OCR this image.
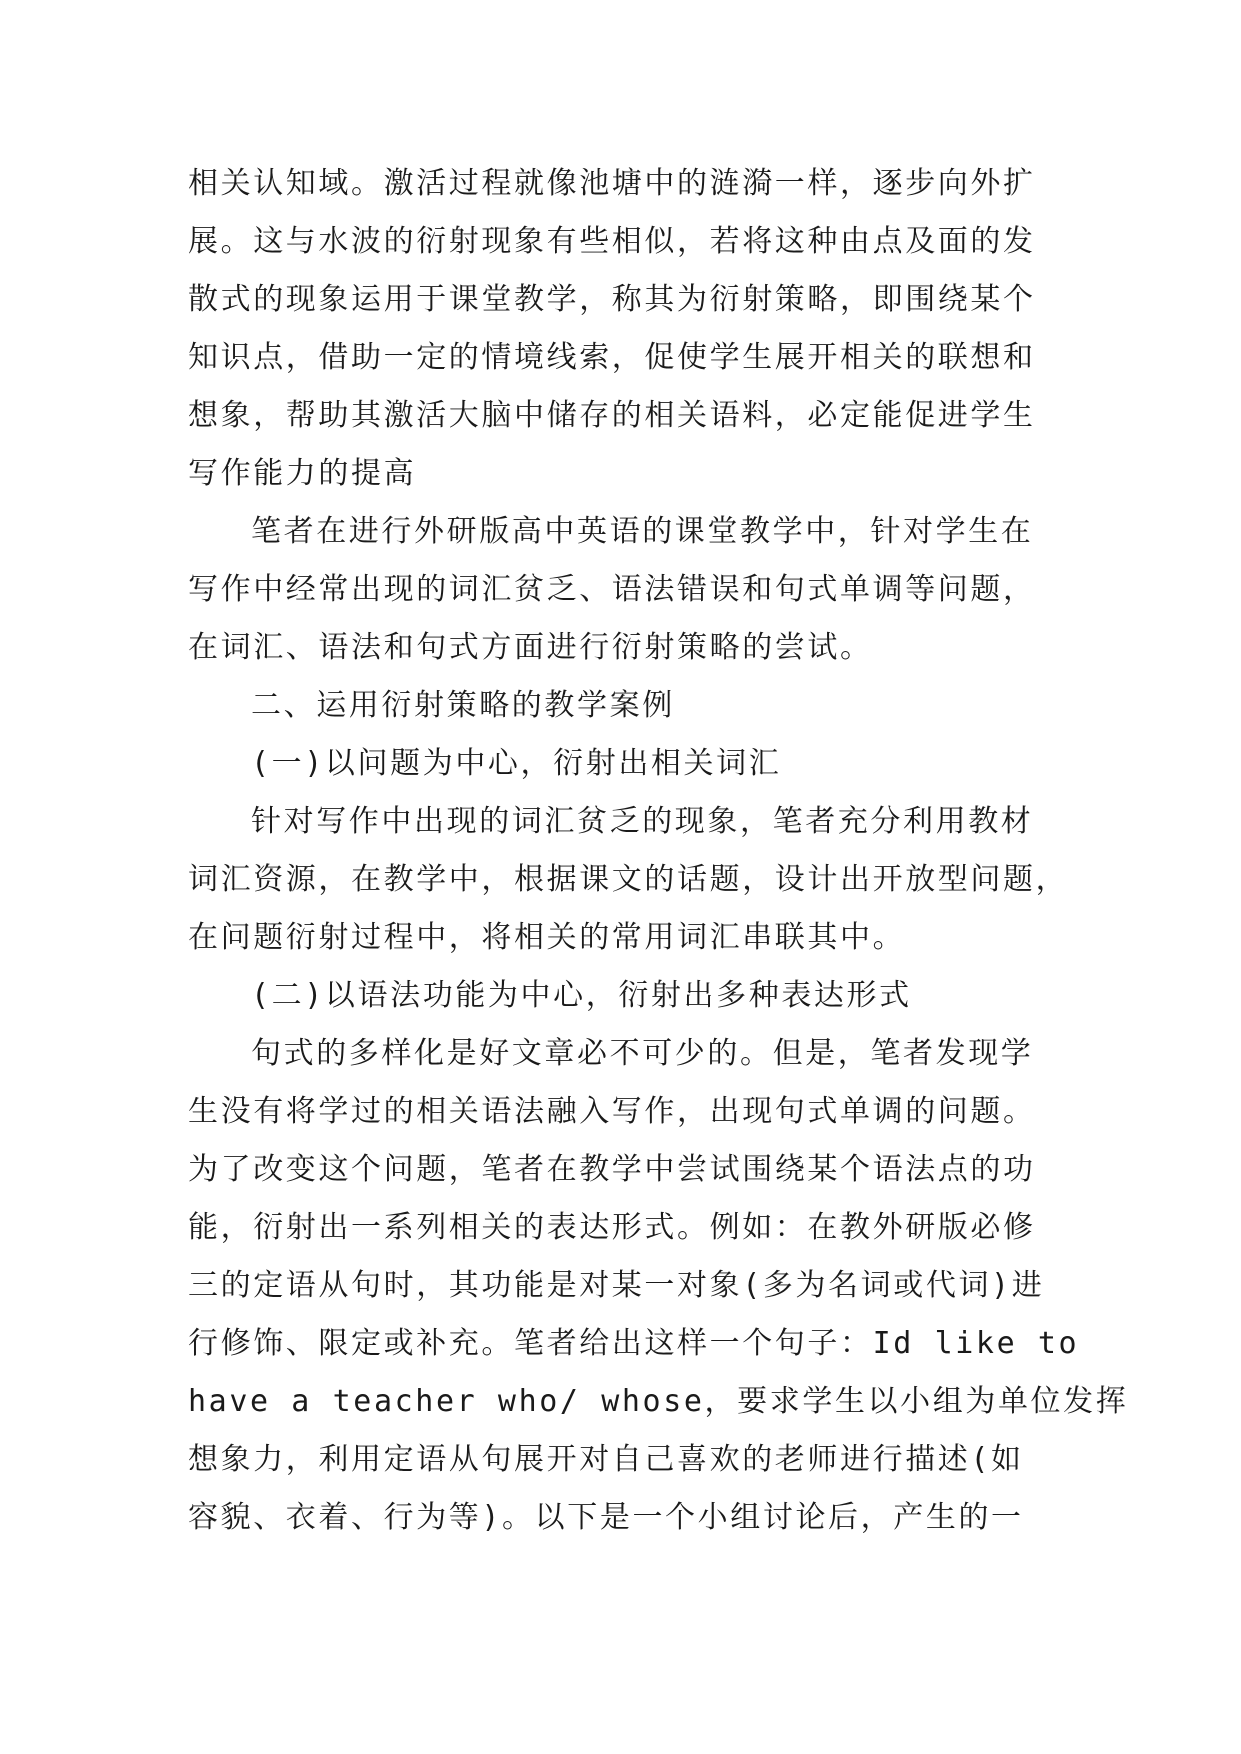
相关认知域。激活过程就像池塘中的涟漪一样，逐步向外扩
展。这与水波的衍射现象有些相似，若将这种由点及面的发
散式的现象运用于课堂教学，称其为衍射策略，即围绕某个
知识点，借助一定的情境线索，促使学生展开相关的联想和
想象，帮助其激活大脑中储存的相关语料，必定能促进学生
写作能力的提高
笔者在进行外研版高中英语的课堂教学中，针对学生在
写作中经常出现的词汇贫乏、语法错误和句式单调等问题，
在词汇、语法和句式方面进行衍射策略的尝试。
二、运用衍射策略的教学案例
(一)以问题为中心，衍射出相关词汇
针对写作中出现的词汇贫乏的现象，笔者充分利用教材
词汇资源，在教学中，根据课文的话题，设计出开放型问题，
在问题衍射过程中，将相关的常用词汇串联其中。
(二)以语法功能为中心，衍射出多种表达形式
句式的多样化是好文章必不可少的。但是，笔者发现学
生没有将学过的相关语法融入写作，出现句式单调的问题。
为了改变这个问题，笔者在教学中尝试围绕某个语法点的功
能，衍射出一系列相关的表达形式。例如：在教外研版必修
三的定语从句时，其功能是对某一对象(多为名词或代词)进
行修饰、限定或补充。笔者给出这样一个句子：Id like to
have a teacher who/ whose，要求学生以小组为单位发挥
想象力，利用定语从句展开对自己喜欢的老师进行描述(如
容貌、衣着、行为等)。以下是一个小组讨论后，产生的一
